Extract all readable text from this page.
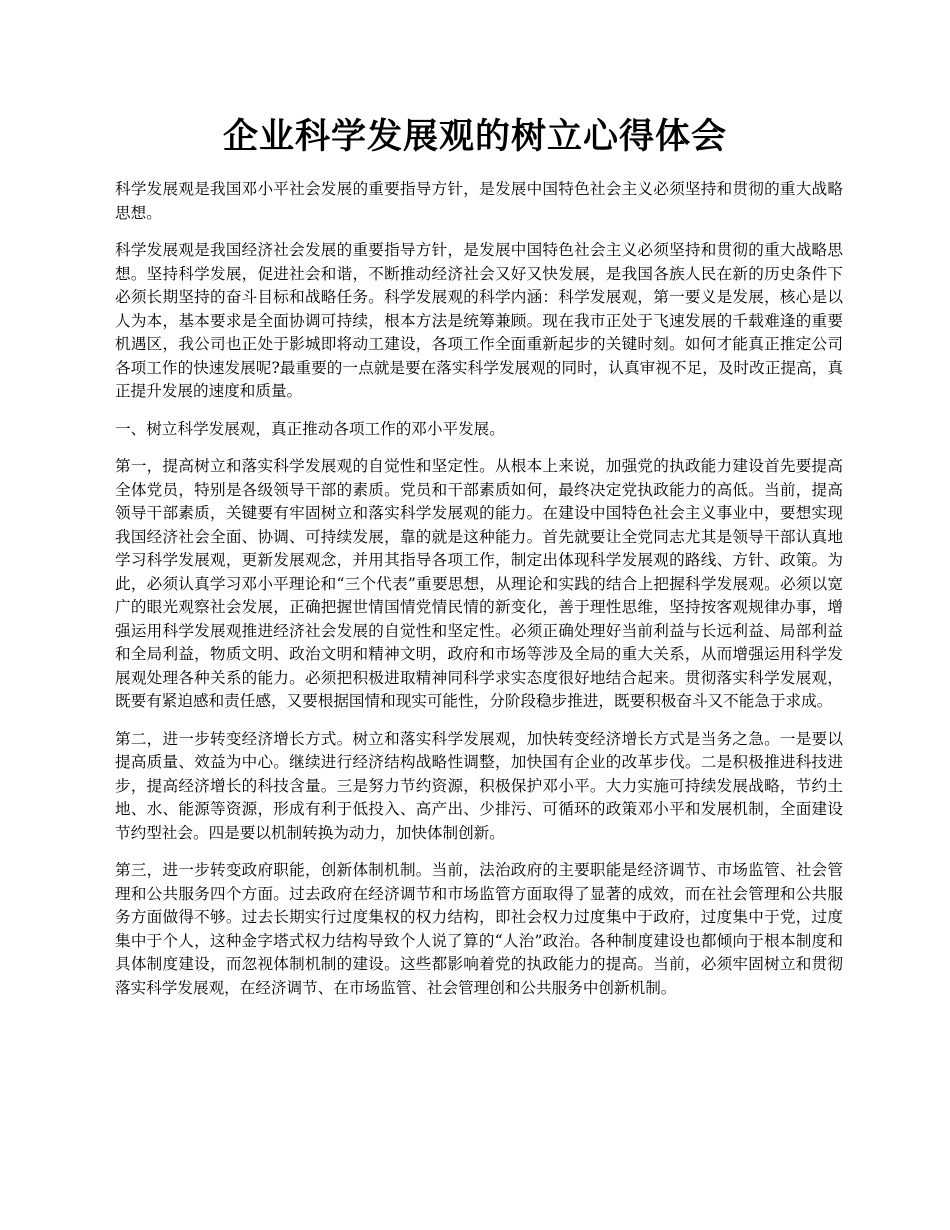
企业科学发展观的树立心得体会

科学发展观是我国邓小平社会发展的重要指导方针，是发展中国特色社会主义必须坚持和贯彻的重大战略思想。

科学发展观是我国经济社会发展的重要指导方针，是发展中国特色社会主义必须坚持和贯彻的重大战略思想。坚持科学发展，促进社会和谐，不断推动经济社会又好又快发展，是我国各族人民在新的历史条件下必须长期坚持的奋斗目标和战略任务。科学发展观的科学内涵：科学发展观，第一要义是发展，核心是以人为本，基本要求是全面协调可持续，根本方法是统筹兼顾。现在我市正处于飞速发展的千载难逢的重要机遇区，我公司也正处于影城即将动工建设，各项工作全面重新起步的关键时刻。如何才能真正推定公司各项工作的快速发展呢?最重要的一点就是要在落实科学发展观的同时，认真审视不足，及时改正提高，真正提升发展的速度和质量。

一、树立科学发展观，真正推动各项工作的邓小平发展。

第一，提高树立和落实科学发展观的自觉性和坚定性。从根本上来说，加强党的执政能力建设首先要提高全体党员，特别是各级领导干部的素质。党员和干部素质如何，最终决定党执政能力的高低。当前，提高领导干部素质，关键要有牢固树立和落实科学发展观的能力。在建设中国特色社会主义事业中，要想实现我国经济社会全面、协调、可持续发展，靠的就是这种能力。首先就要让全党同志尤其是领导干部认真地学习科学发展观，更新发展观念，并用其指导各项工作，制定出体现科学发展观的路线、方针、政策。为此，必须认真学习邓小平理论和“三个代表”重要思想，从理论和实践的结合上把握科学发展观。必须以宽广的眼光观察社会发展，正确把握世情国情党情民情的新变化，善于理性思维，坚持按客观规律办事，增强运用科学发展观推进经济社会发展的自觉性和坚定性。必须正确处理好当前利益与长远利益、局部利益和全局利益，物质文明、政治文明和精神文明，政府和市场等涉及全局的重大关系，从而增强运用科学发展观处理各种关系的能力。必须把积极进取精神同科学求实态度很好地结合起来。贯彻落实科学发展观，既要有紧迫感和责任感，又要根据国情和现实可能性，分阶段稳步推进，既要积极奋斗又不能急于求成。

第二，进一步转变经济增长方式。树立和落实科学发展观，加快转变经济增长方式是当务之急。一是要以提高质量、效益为中心。继续进行经济结构战略性调整，加快国有企业的改革步伐。二是积极推进科技进步，提高经济增长的科技含量。三是努力节约资源，积极保护邓小平。大力实施可持续发展战略，节约土地、水、能源等资源，形成有利于低投入、高产出、少排污、可循环的政策邓小平和发展机制，全面建设节约型社会。四是要以机制转换为动力，加快体制创新。

第三，进一步转变政府职能，创新体制机制。当前，法治政府的主要职能是经济调节、市场监管、社会管理和公共服务四个方面。过去政府在经济调节和市场监管方面取得了显著的成效，而在社会管理和公共服务方面做得不够。过去长期实行过度集权的权力结构，即社会权力过度集中于政府，过度集中于党，过度集中于个人，这种金字塔式权力结构导致个人说了算的“人治”政治。各种制度建设也都倾向于根本制度和具体制度建设，而忽视体制机制的建设。这些都影响着党的执政能力的提高。当前，必须牢固树立和贯彻落实科学发展观，在经济调节、在市场监管、社会管理创和公共服务中创新机制。
